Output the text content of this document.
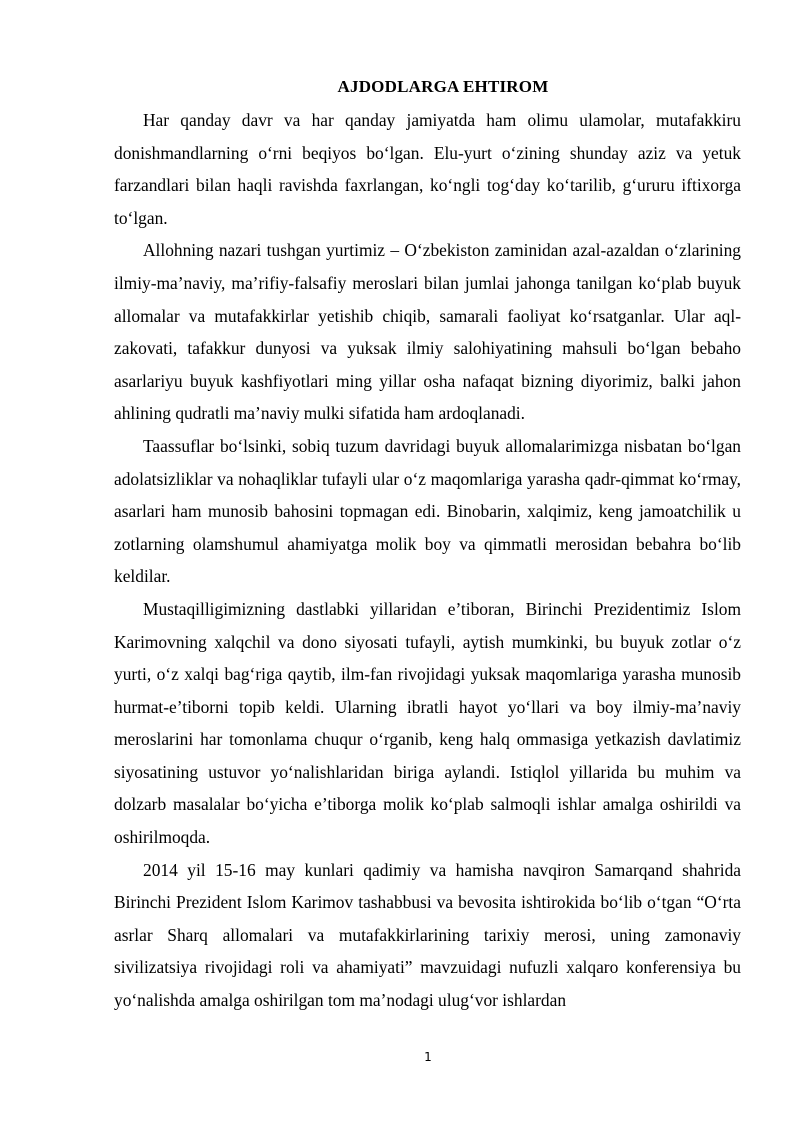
AJDODLARGA EHTIROM

Har qanday davr va har qanday jamiyatda ham olimu ulamolar, mutafakkiru donishmandlarning o‘rni beqiyos bo‘lgan. Elu-yurt o‘zining shunday aziz va yetuk farzandlari bilan haqli ravishda faxrlangan, ko‘ngli tog‘day ko‘tarilib, g‘ururu iftixorga to‘lgan.

Allohning nazari tushgan yurtimiz – O‘zbekiston zaminidan azal-azaldan o‘zlarining ilmiy-ma’naviy, ma’rifiy-falsafiy meroslari bilan jumlai jahonga tanilgan ko‘plab buyuk allomalar va mutafakkirlar yetishib chiqib, samarali faoliyat ko‘rsatganlar. Ular aql-zakovati, tafakkur dunyosi va yuksak ilmiy salohiyatining mahsuli bo‘lgan bebaho asarlariyu buyuk kashfiyotlari ming yillar osha nafaqat bizning diyorimiz, balki jahon ahlining qudratli ma’naviy mulki sifatida ham ardoqlanadi.

Taassuflar bo‘lsinki, sobiq tuzum davridagi buyuk allomalarimizga nisbatan bo‘lgan adolatsizliklar va nohaqliklar tufayli ular o‘z maqomlariga yarasha qadr-qimmat ko‘rmay, asarlari ham munosib bahosini topmagan edi. Binobarin, xalqimiz, keng jamoatchilik u zotlarning olamshumul ahamiyatga molik boy va qimmatli merosidan bebahra bo‘lib keldilar.

Mustaqilligimizning dastlabki yillaridan e’tiboran, Birinchi Prezidentimiz Islom Karimovning xalqchil va dono siyosati tufayli, aytish mumkinki, bu buyuk zotlar o‘z yurti, o‘z xalqi bag‘riga qaytib, ilm-fan rivojidagi yuksak maqomlariga yarasha munosib hurmat-e’tiborni topib keldi. Ularning ibratli hayot yo‘llari va boy ilmiy-ma’naviy meroslarini har tomonlama chuqur o‘rganib, keng halq ommasiga yetkazish davlatimiz siyosatining ustuvor yo‘nalishlaridan biriga aylandi. Istiqlol yillarida bu muhim va dolzarb masalalar bo‘yicha e’tiborga molik ko‘plab salmoqli ishlar amalga oshirildi va oshirilmoqda.

2014 yil 15-16 may kunlari qadimiy va hamisha navqiron Samarqand shahrida Birinchi Prezident Islom Karimov tashabbusi va bevosita ishtirokida bo‘lib o‘tgan “O‘rta asrlar Sharq allomalari va mutafakkirlarining tarixiy merosi, uning zamonaviy sivilizatsiya rivojidagi roli va ahamiyati” mavzuidagi nufuzli xalqaro konferensiya bu yo‘nalishda amalga oshirilgan tom ma’nodagi ulug‘vor ishlardan

1
